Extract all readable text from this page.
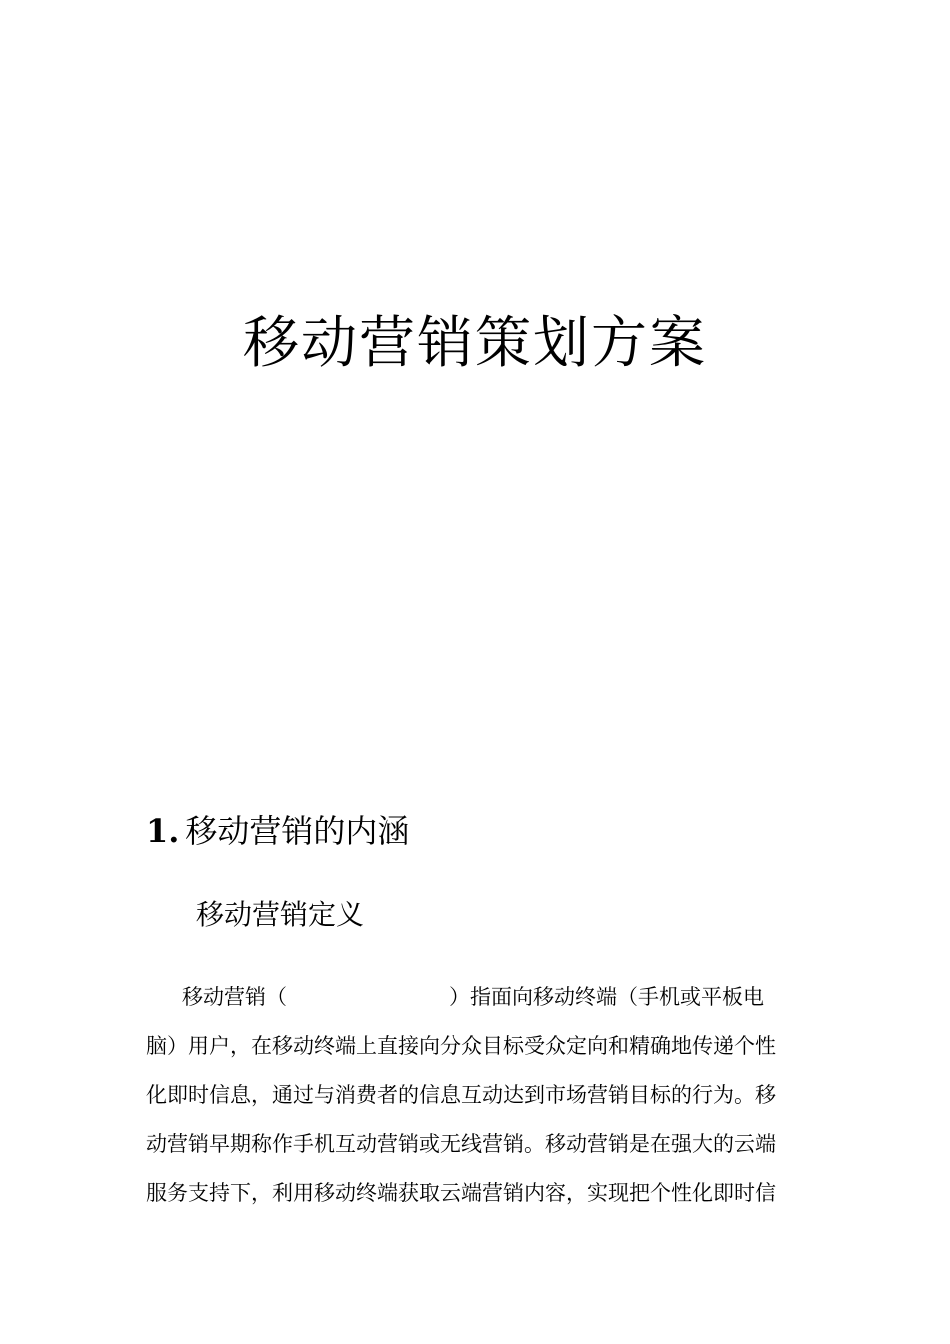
移动营销策划方案
1. 移动营销的内涵
移动营销定义
移动营销（	）指面向移动终端（手机或平板电
脑）用户，在移动终端上直接向分众目标受众定向和精确地传递个性
化即时信息，通过与消费者的信息互动达到市场营销目标的行为。移
动营销早期称作手机互动营销或无线营销。移动营销是在强大的云端
服务支持下，利用移动终端获取云端营销内容，实现把个性化即时信
